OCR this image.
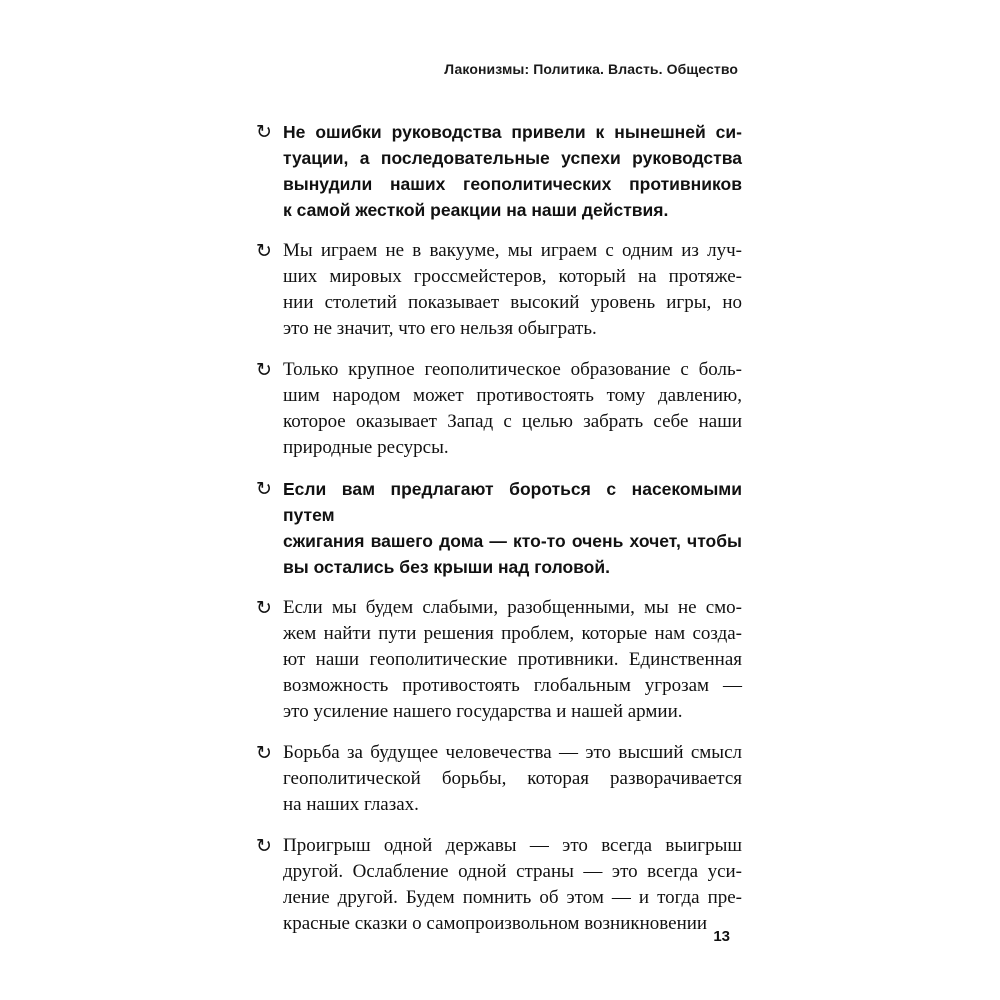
Лаконизмы: Политика. Власть. Общество
↻ Не ошибки руководства привели к нынешней си-
туации, а последовательные успехи руководства
вынудили наших геополитических противников
к самой жесткой реакции на наши действия.
↻ Мы играем не в вакууме, мы играем с одним из луч-
ших мировых гроссмейстеров, который на протяже-
нии столетий показывает высокий уровень игры, но
это не значит, что его нельзя обыграть.
↻ Только крупное геополитическое образование с боль-
шим народом может противостоять тому давлению,
которое оказывает Запад с целью забрать себе наши
природные ресурсы.
↻ Если вам предлагают бороться с насекомыми путем
сжигания вашего дома — кто-то очень хочет, чтобы
вы остались без крыши над головой.
↻ Если мы будем слабыми, разобщенными, мы не смо-
жем найти пути решения проблем, которые нам созда-
ют наши геополитические противники. Единственная
возможность противостоять глобальным угрозам —
это усиление нашего государства и нашей армии.
↻ Борьба за будущее человечества — это высший смысл
геополитической борьбы, которая разворачивается
на наших глазах.
↻ Проигрыш одной державы — это всегда выигрыш
другой. Ослабление одной страны — это всегда уси-
ление другой. Будем помнить об этом — и тогда пре-
красные сказки о самопроизвольном возникновении
13
